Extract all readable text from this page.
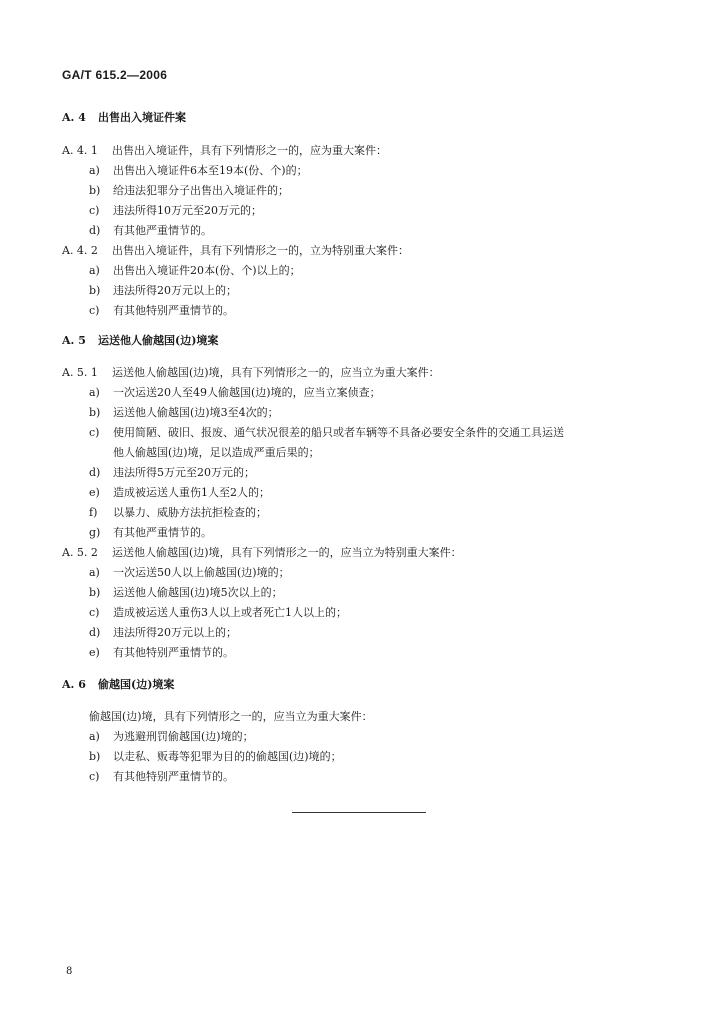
GA/T 615.2—2006
A. 4 出售出入境证件案
A. 4. 1 出售出入境证件，具有下列情形之一的，应为重大案件：
a) 出售出入境证件6本至19本(份、个)的；
b) 给违法犯罪分子出售出入境证件的；
c) 违法所得10万元至20万元的；
d) 有其他严重情节的。
A. 4. 2 出售出入境证件，具有下列情形之一的，立为特别重大案件：
a) 出售出入境证件20本(份、个)以上的；
b) 违法所得20万元以上的；
c) 有其他特别严重情节的。
A. 5 运送他人偷越国(边)境案
A. 5. 1 运送他人偷越国(边)境，具有下列情形之一的，应当立为重大案件：
a) 一次运送20人至49人偷越国(边)境的，应当立案侦查；
b) 运送他人偷越国(边)境3至4次的；
c) 使用简陋、破旧、报废、通气状况很差的船只或者车辆等不具备必要安全条件的交通工具运送
他人偷越国(边)境，足以造成严重后果的；
d) 违法所得5万元至20万元的；
e) 造成被运送人重伤1人至2人的；
f) 以暴力、威胁方法抗拒检查的；
g) 有其他严重情节的。
A. 5. 2 运送他人偷越国(边)境，具有下列情形之一的，应当立为特别重大案件：
a) 一次运送50人以上偷越国(边)境的；
b) 运送他人偷越国(边)境5次以上的；
c) 造成被运送人重伤3人以上或者死亡1人以上的；
d) 违法所得20万元以上的；
e) 有其他特别严重情节的。
A. 6 偷越国(边)境案
偷越国(边)境，具有下列情形之一的，应当立为重大案件：
a) 为逃避刑罚偷越国(边)境的；
b) 以走私、贩毒等犯罪为目的的偷越国(边)境的；
c) 有其他特别严重情节的。
8
